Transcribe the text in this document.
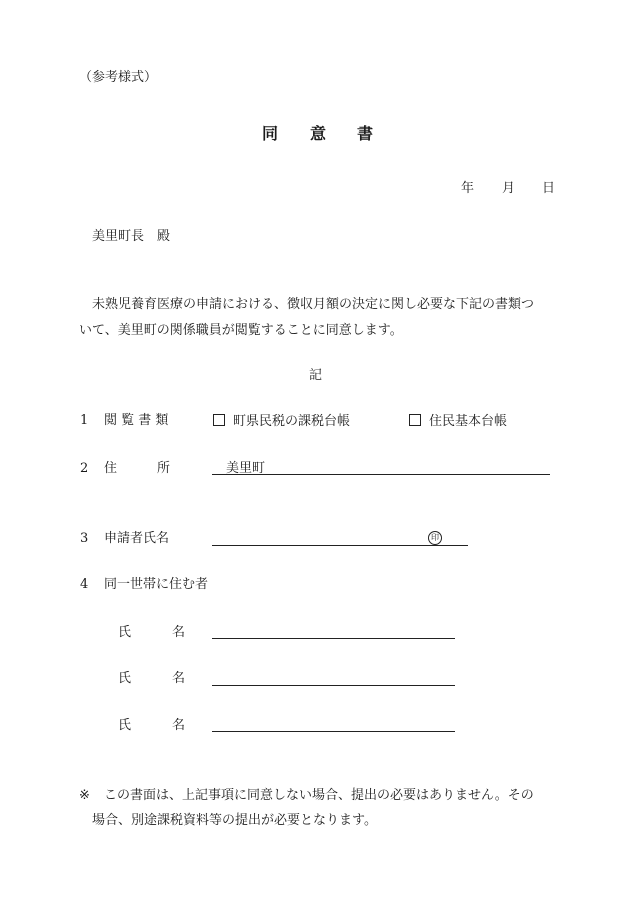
（参考様式）
同 意 書
年 月 日
美里町長　殿
未熟児養育医療の申請における、徴収月額の決定に関し必要な下記の書類つ
いて、美里町の関係職員が閲覧することに同意します。
記
1 閲 覧 書 類	町県民税の課税台帳	住民基本台帳
2 住	所	美里町
3 申請者氏名	印
4 同一世帯に住む者
氏	名
氏	名
氏	名
※ この書面は、上記事項に同意しない場合、提出の必要はありません。その
場合、別途課税資料等の提出が必要となります。
